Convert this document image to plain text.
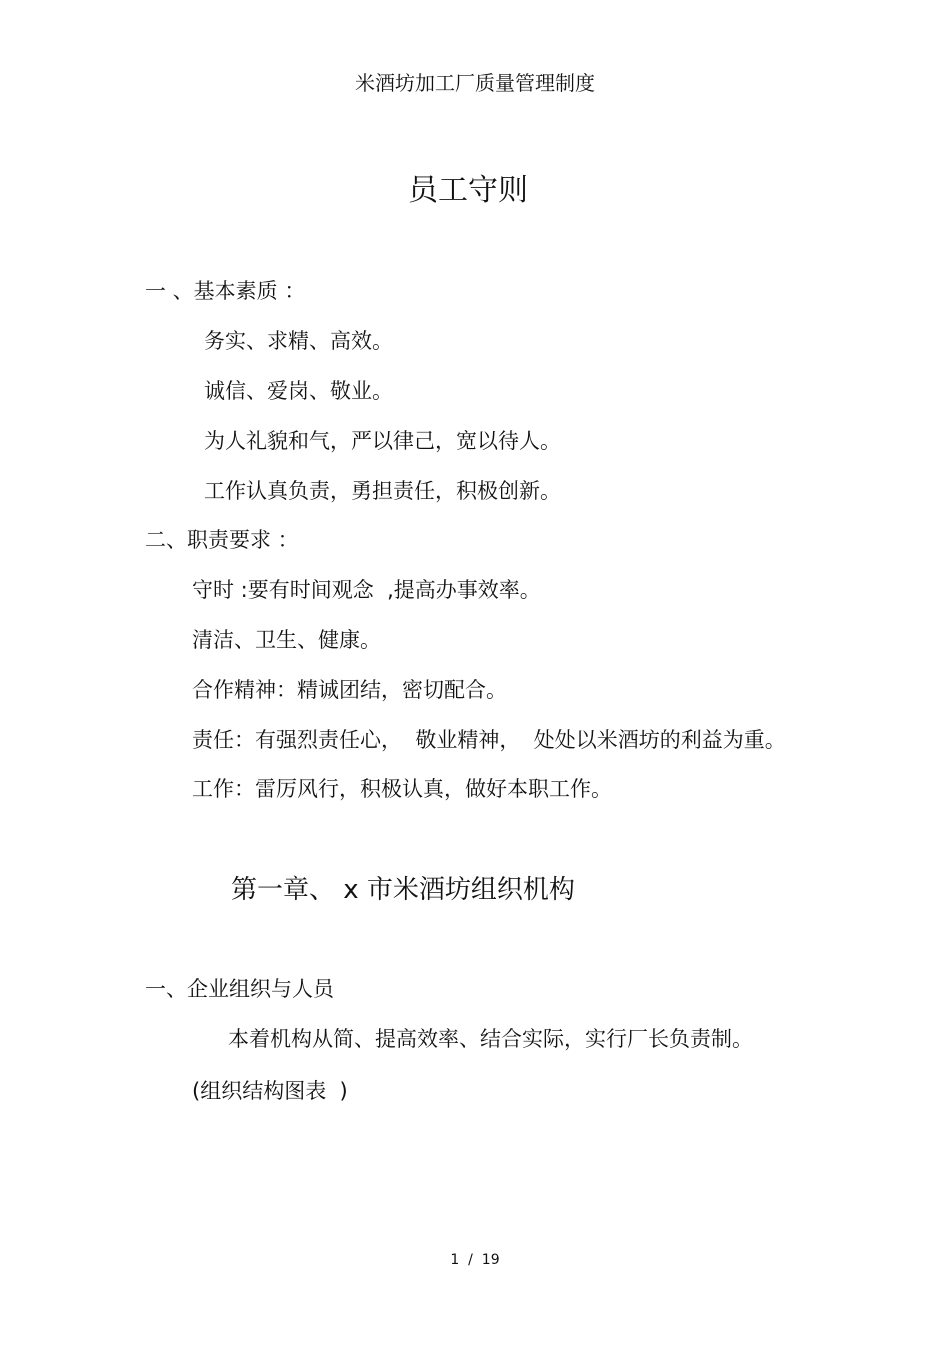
米酒坊加工厂质量管理制度
员工守则
一 、基本素质 ：
务实、求精、高效。
诚信、爱岗、敬业。
为人礼貌和气，严以律己，宽以待人。
工作认真负责，勇担责任，积极创新。
二、职责要求 ：
守时 :要有时间观念  ,提高办事效率。
清洁、卫生、健康。
合作精神：精诚团结，密切配合。
责任：有强烈责任心，  敬业精神，  处处以米酒坊的利益为重。
工作：雷厉风行，积极认真，做好本职工作。
第一章、 x 市米酒坊组织机构
一、企业组织与人员
本着机构从简、提高效率、结合实际，实行厂长负责制。
(组织结构图表  )
1  /  19
